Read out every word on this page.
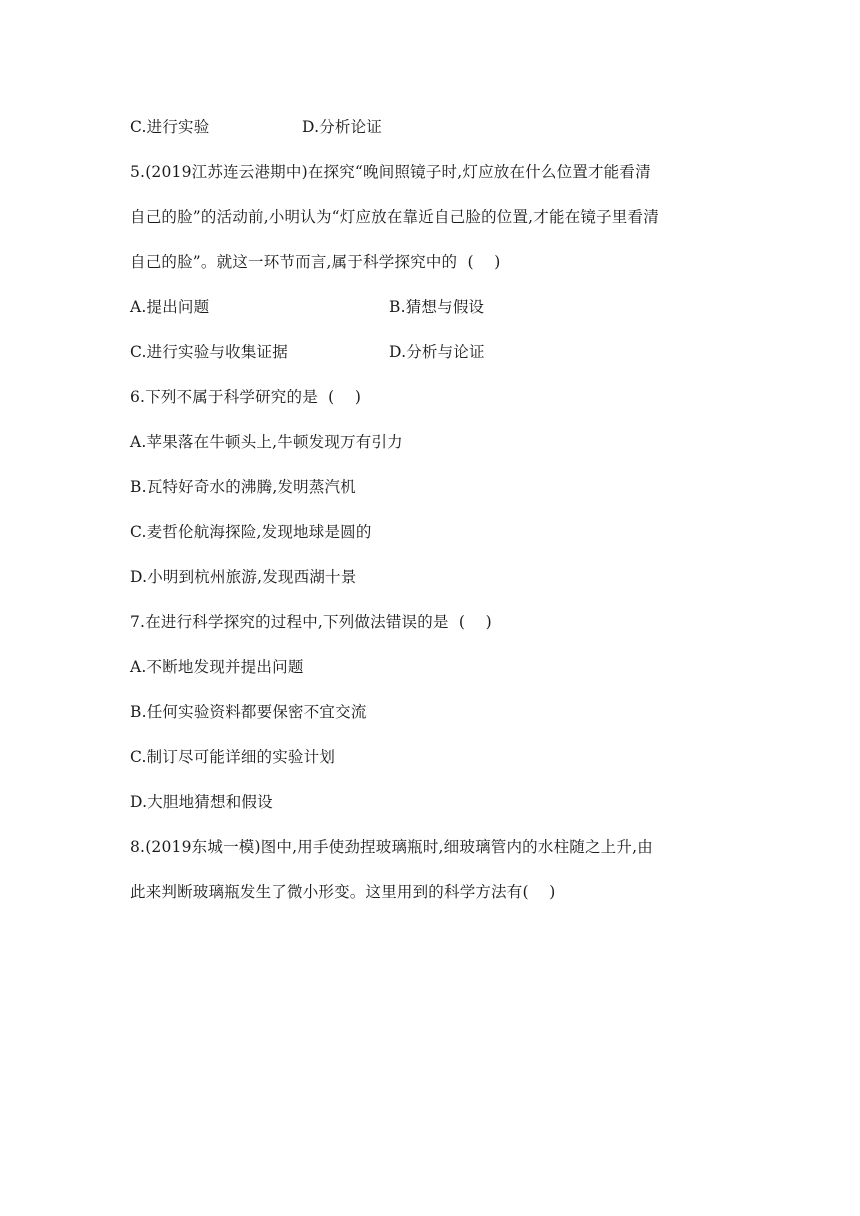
C.进行实验	D.分析论证
5.(2019江苏连云港期中)在探究“晚间照镜子时,灯应放在什么位置才能看清
自己的脸”的活动前,小明认为“灯应放在靠近自己脸的位置,才能在镜子里看清
自己的脸”。就这一环节而言,属于科学探究中的  (    )
A.提出问题	B.猜想与假设
C.进行实验与收集证据	D.分析与论证
6.下列不属于科学研究的是  (    )
A.苹果落在牛顿头上,牛顿发现万有引力
B.瓦特好奇水的沸腾,发明蒸汽机
C.麦哲伦航海探险,发现地球是圆的
D.小明到杭州旅游,发现西湖十景
7.在进行科学探究的过程中,下列做法错误的是  (    )
A.不断地发现并提出问题
B.任何实验资料都要保密不宜交流
C.制订尽可能详细的实验计划
D.大胆地猜想和假设
8.(2019东城一模)图中,用手使劲捏玻璃瓶时,细玻璃管内的水柱随之上升,由
此来判断玻璃瓶发生了微小形变。这里用到的科学方法有(    )
